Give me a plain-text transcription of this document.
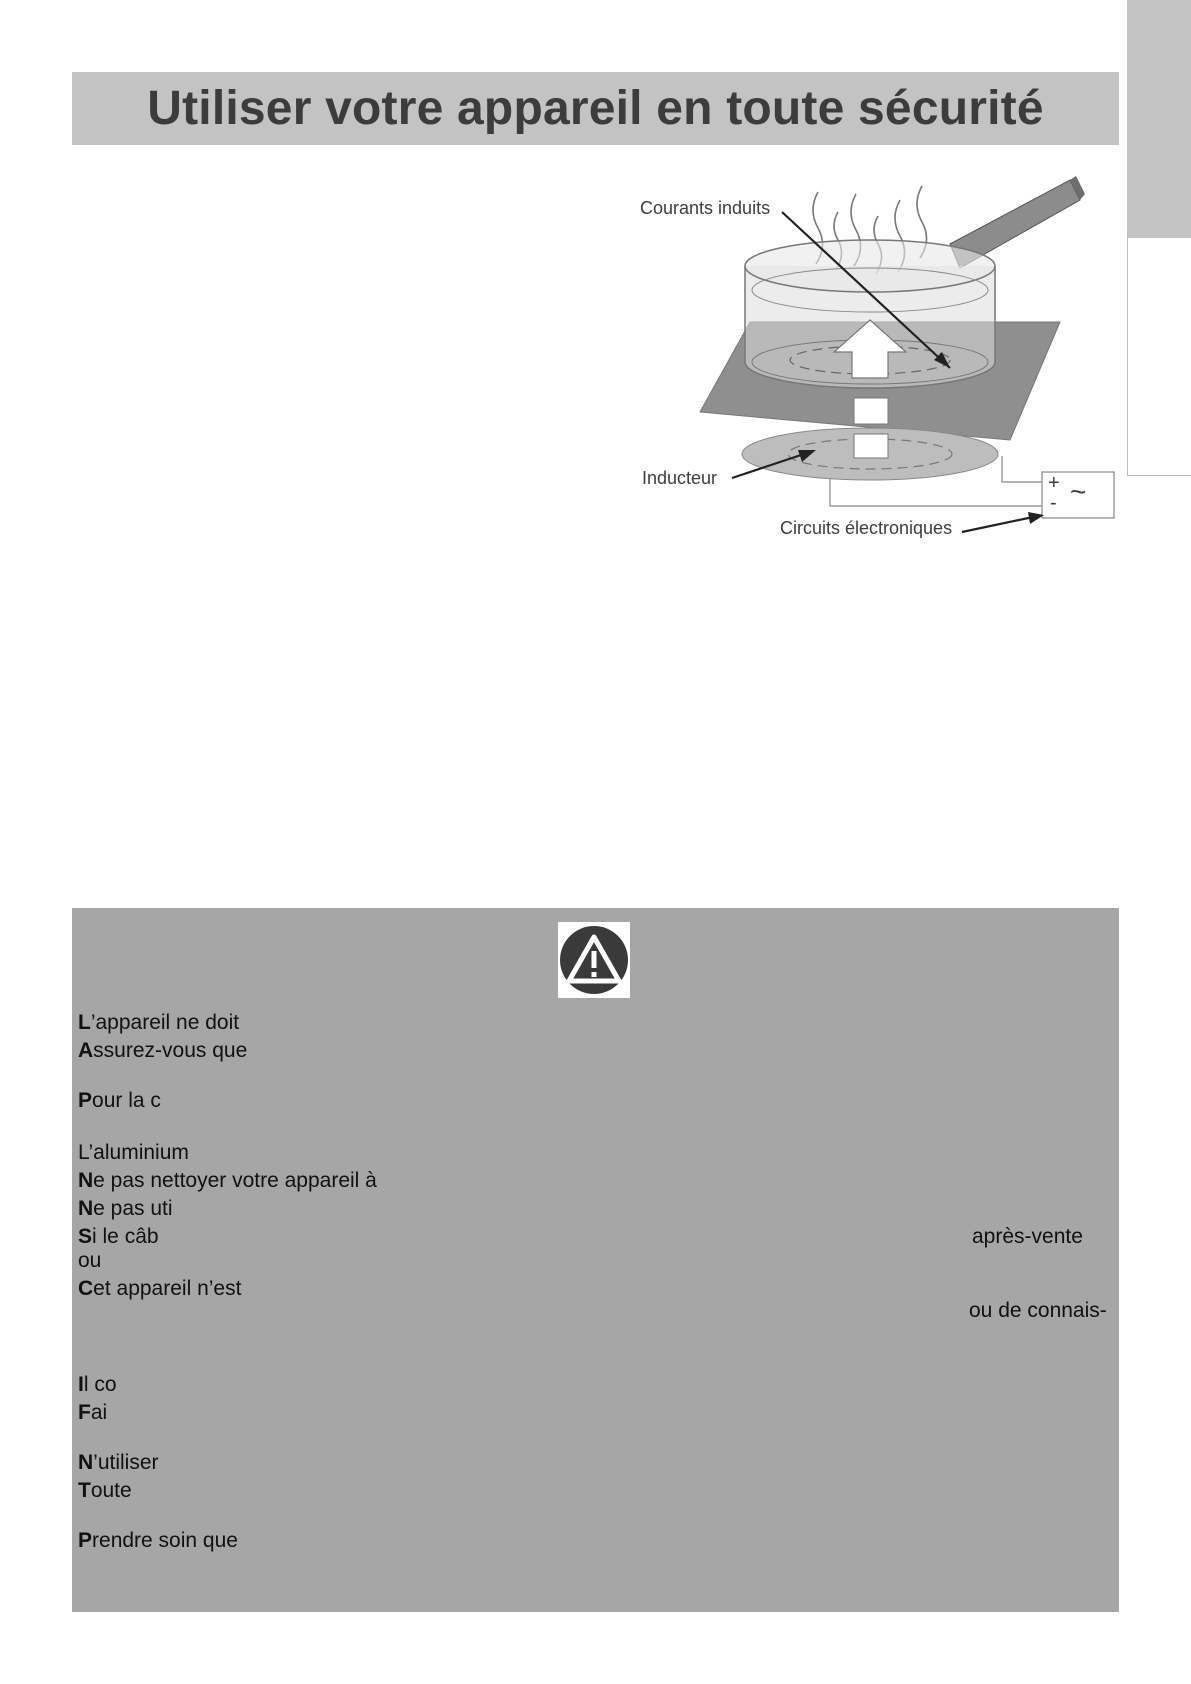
Utiliser votre appareil en toute sécurité
Courants induits
Inducteur
Circuits électroniques
+
- ~
L’appareil ne doit
Assurez-vous que
Pour la c
L’aluminium
Ne pas nettoyer votre appareil à
Ne pas uti
Si le câb
ou
Cet appareil n’est
Il co
Fai
N’utiliser
Toute
Prendre soin que
après-vente
ou de connais-
